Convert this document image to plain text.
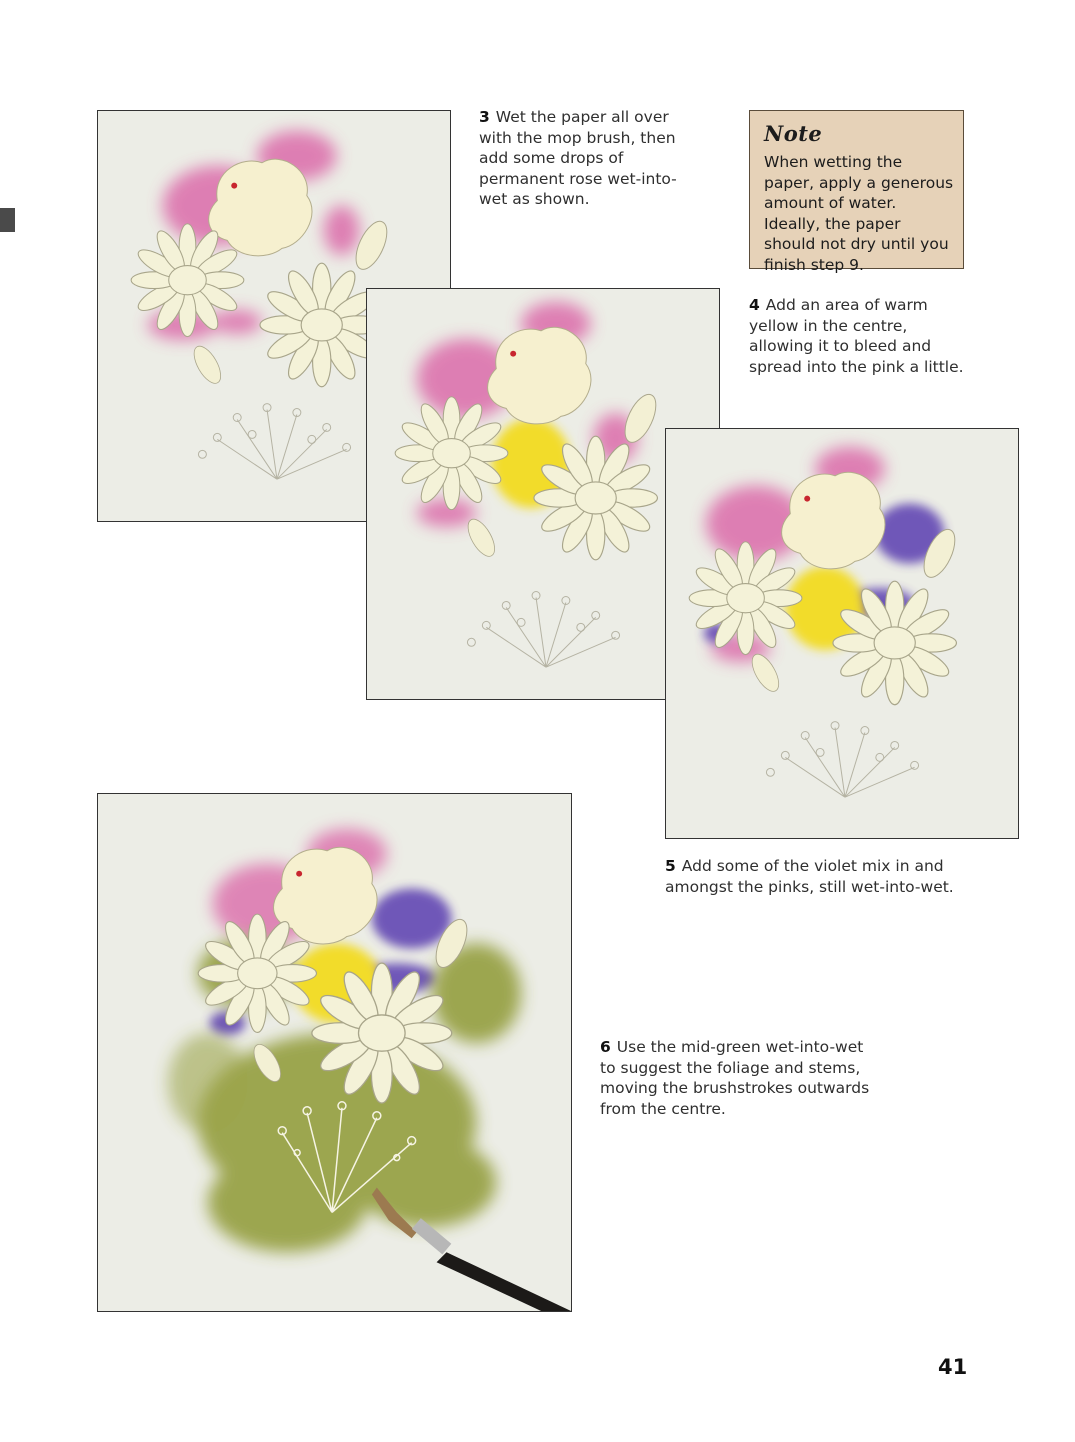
3 Wet the paper all over with the mop brush, then add some drops of permanent rose wet-into-wet as shown.
Note
When wetting the paper, apply a generous amount of water. Ideally, the paper should not dry until you finish step 9.
4 Add an area of warm yellow in the centre, allowing it to bleed and spread into the pink a little.
5 Add some of the violet mix in and amongst the pinks, still wet-into-wet.
6 Use the mid-green wet-into-wet to suggest the foliage and stems, moving the brushstrokes outwards from the centre.
41
